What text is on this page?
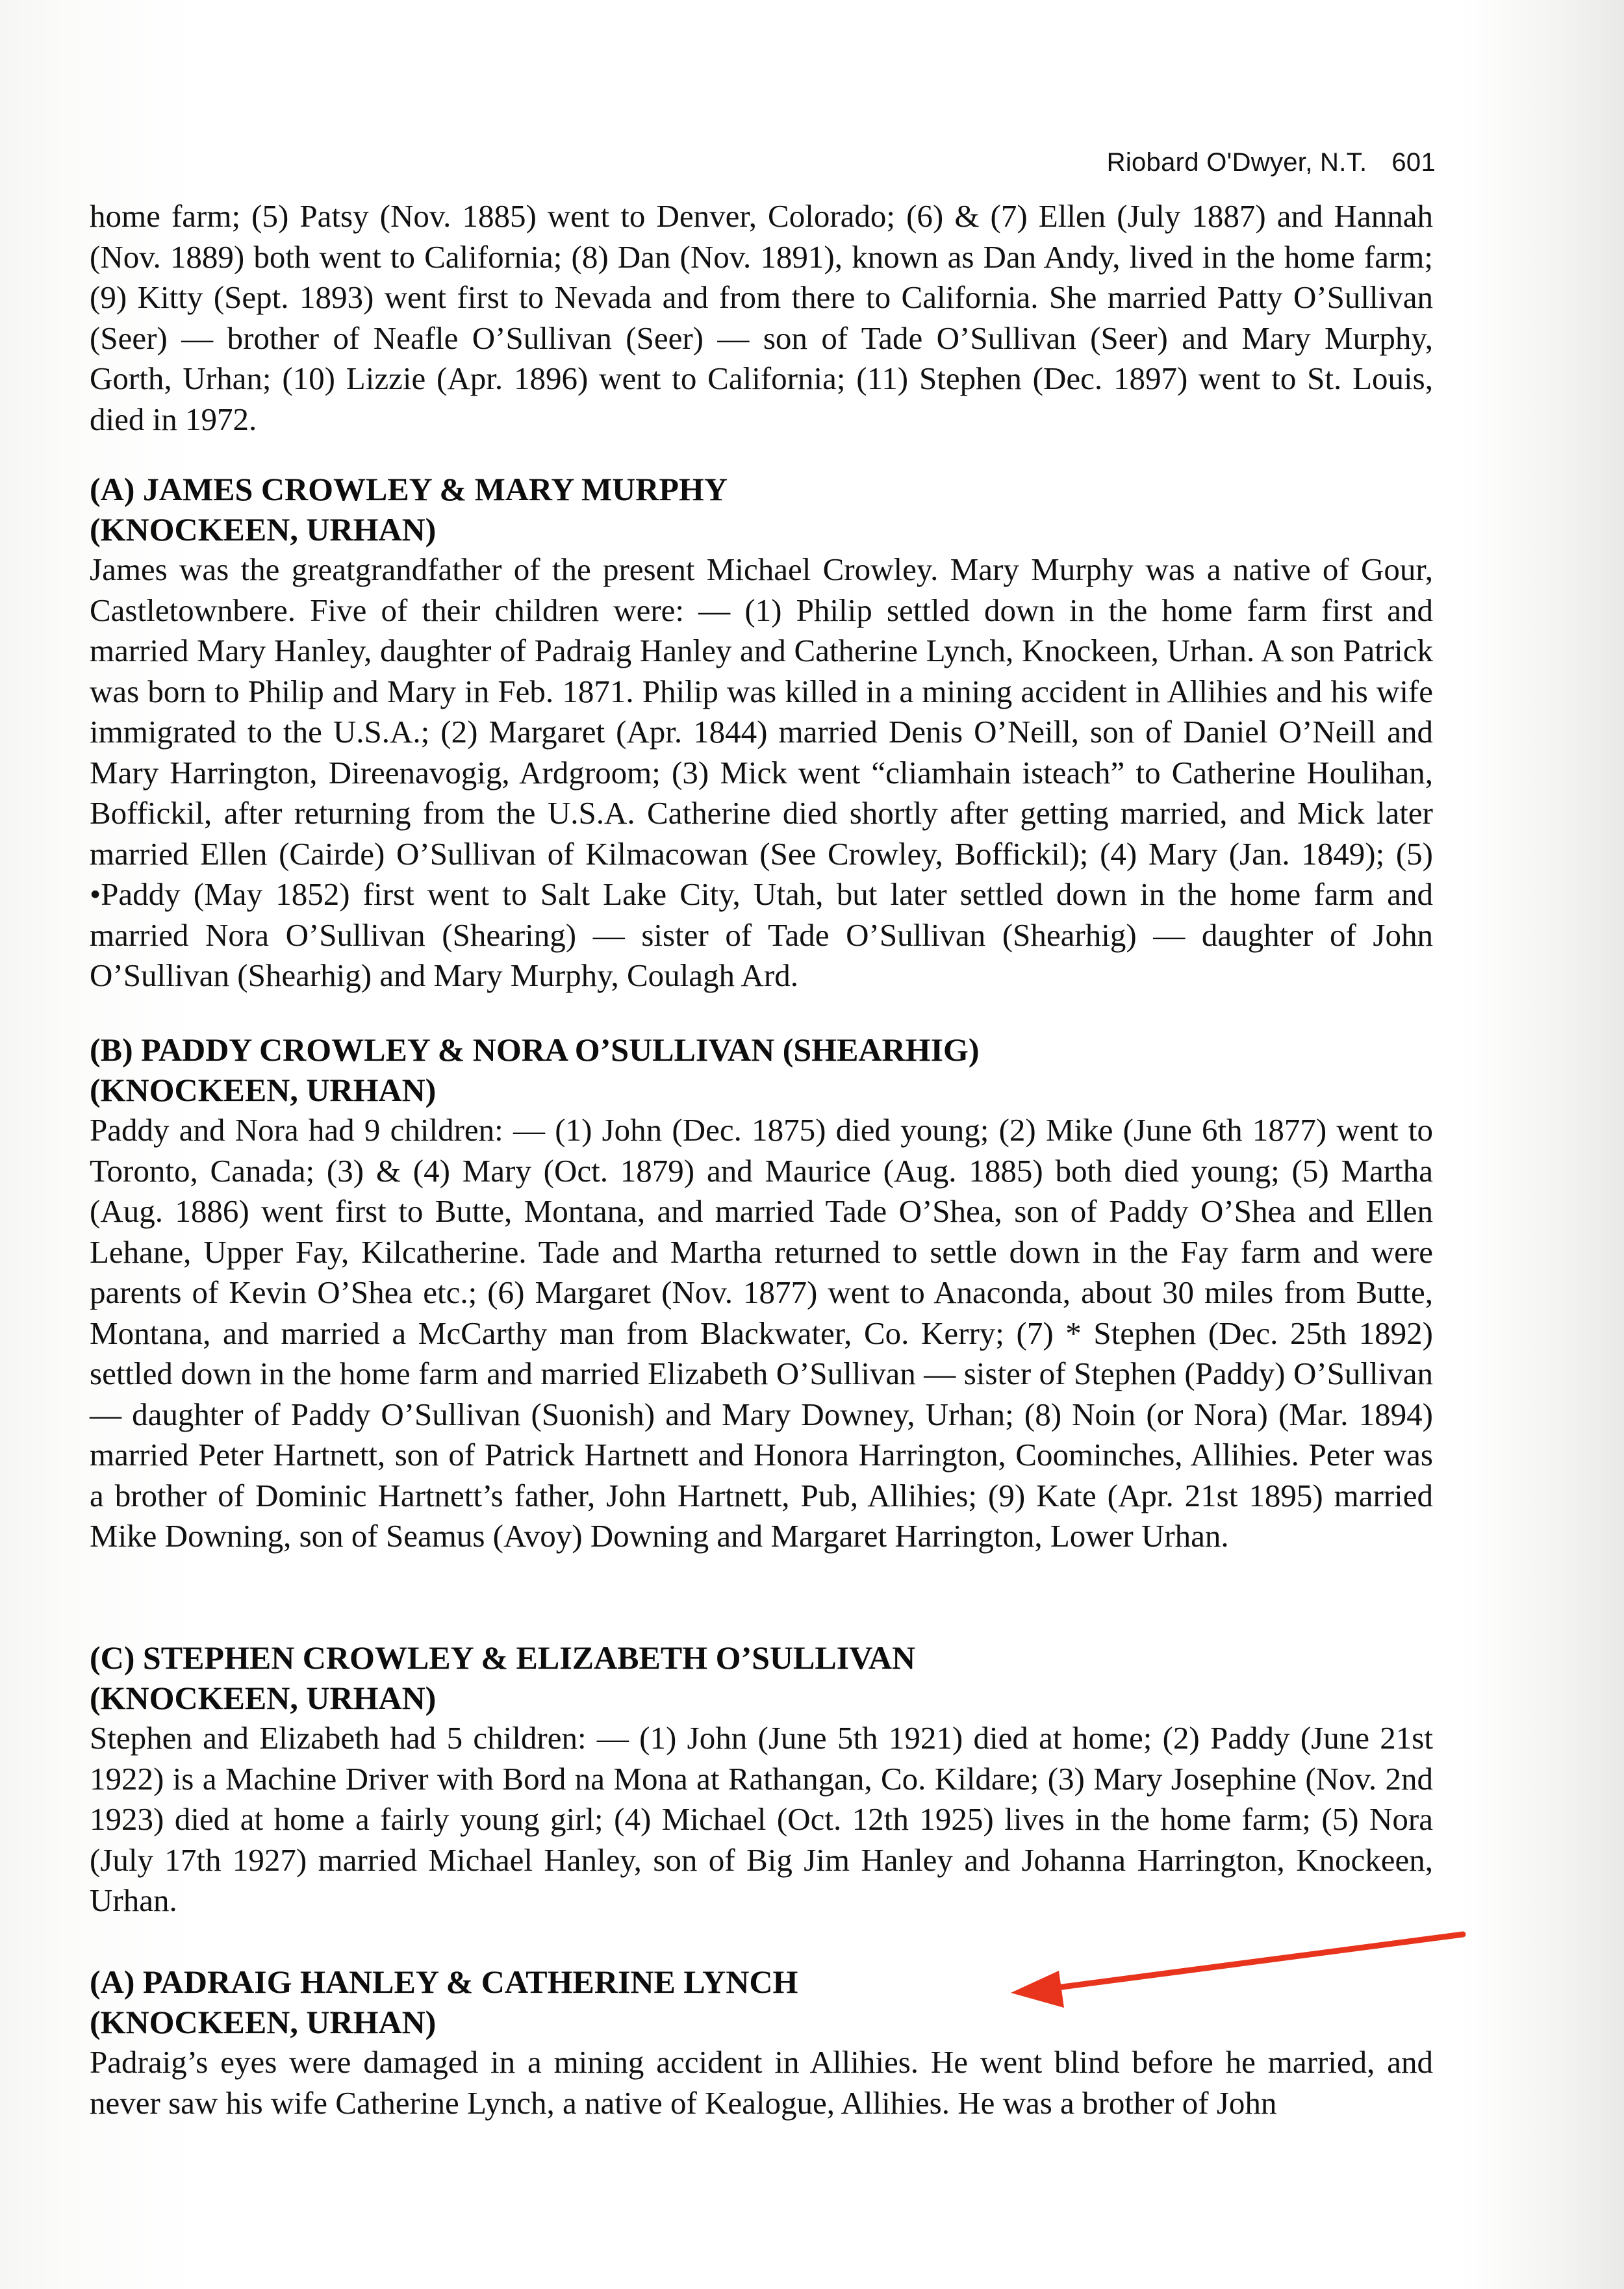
Riobard O'Dwyer, N.T. 601

home farm; (5) Patsy (Nov. 1885) went to Denver, Colorado; (6) & (7) Ellen (July 1887) and Hannah (Nov. 1889) both went to California; (8) Dan (Nov. 1891), known as Dan Andy, lived in the home farm; (9) Kitty (Sept. 1893) went first to Nevada and from there to California. She married Patty O’Sullivan (Seer) — brother of Neafle O’Sullivan (Seer) — son of Tade O’Sullivan (Seer) and Mary Murphy, Gorth, Urhan; (10) Lizzie (Apr. 1896) went to California; (11) Stephen (Dec. 1897) went to St. Louis, died in 1972.

(A) JAMES CROWLEY & MARY MURPHY

(KNOCKEEN, URHAN)

James was the greatgrandfather of the present Michael Crowley. Mary Murphy was a native of Gour, Castletownbere. Five of their children were: — (1) Philip settled down in the home farm first and married Mary Hanley, daughter of Padraig Hanley and Catherine Lynch, Knockeen, Urhan. A son Patrick was born to Philip and Mary in Feb. 1871. Philip was killed in a mining accident in Allihies and his wife immigrated to the U.S.A.; (2) Margaret (Apr. 1844) married Denis O’Neill, son of Daniel O’Neill and Mary Harrington, Direenavogig, Ardgroom; (3) Mick went “cliamhain isteach” to Catherine Houlihan, Boffickil, after returning from the U.S.A. Catherine died shortly after getting married, and Mick later married Ellen (Cairde) O’Sullivan of Kilmacowan (See Crowley, Boffickil); (4) Mary (Jan. 1849); (5) •Paddy (May 1852) first went to Salt Lake City, Utah, but later settled down in the home farm and married Nora O’Sullivan (Shearing) — sister of Tade O’Sullivan (Shearhig) — daughter of John O’Sullivan (Shearhig) and Mary Murphy, Coulagh Ard.

(B) PADDY CROWLEY & NORA O’SULLIVAN (SHEARHIG)

(KNOCKEEN, URHAN)

Paddy and Nora had 9 children: — (1) John (Dec. 1875) died young; (2) Mike (June 6th 1877) went to Toronto, Canada; (3) & (4) Mary (Oct. 1879) and Maurice (Aug. 1885) both died young; (5) Martha (Aug. 1886) went first to Butte, Montana, and married Tade O’Shea, son of Paddy O’Shea and Ellen Lehane, Upper Fay, Kilcatherine. Tade and Martha returned to settle down in the Fay farm and were parents of Kevin O’Shea etc.; (6) Margaret (Nov. 1877) went to Anaconda, about 30 miles from Butte, Montana, and married a McCarthy man from Blackwater, Co. Kerry; (7) * Stephen (Dec. 25th 1892) settled down in the home farm and married Elizabeth O’Sullivan — sister of Stephen (Paddy) O’Sullivan — daughter of Paddy O’Sullivan (Suonish) and Mary Downey, Urhan; (8) Noin (or Nora) (Mar. 1894) married Peter Hartnett, son of Patrick Hartnett and Honora Harrington, Coominches, Allihies. Peter was a brother of Dominic Hartnett’s father, John Hartnett, Pub, Allihies; (9) Kate (Apr. 21st 1895) married Mike Downing, son of Seamus (Avoy) Downing and Margaret Harrington, Lower Urhan.

(C) STEPHEN CROWLEY & ELIZABETH O’SULLIVAN

(KNOCKEEN, URHAN)

Stephen and Elizabeth had 5 children: — (1) John (June 5th 1921) died at home; (2) Paddy (June 21st 1922) is a Machine Driver with Bord na Mona at Rathangan, Co. Kildare; (3) Mary Josephine (Nov. 2nd 1923) died at home a fairly young girl; (4) Michael (Oct. 12th 1925) lives in the home farm; (5) Nora (July 17th 1927) married Michael Hanley, son of Big Jim Hanley and Johanna Harrington, Knockeen, Urhan.

(A) PADRAIG HANLEY & CATHERINE LYNCH

(KNOCKEEN, URHAN)

Padraig’s eyes were damaged in a mining accident in Allihies. He went blind before he married, and never saw his wife Catherine Lynch, a native of Kealogue, Allihies. He was a brother of John
